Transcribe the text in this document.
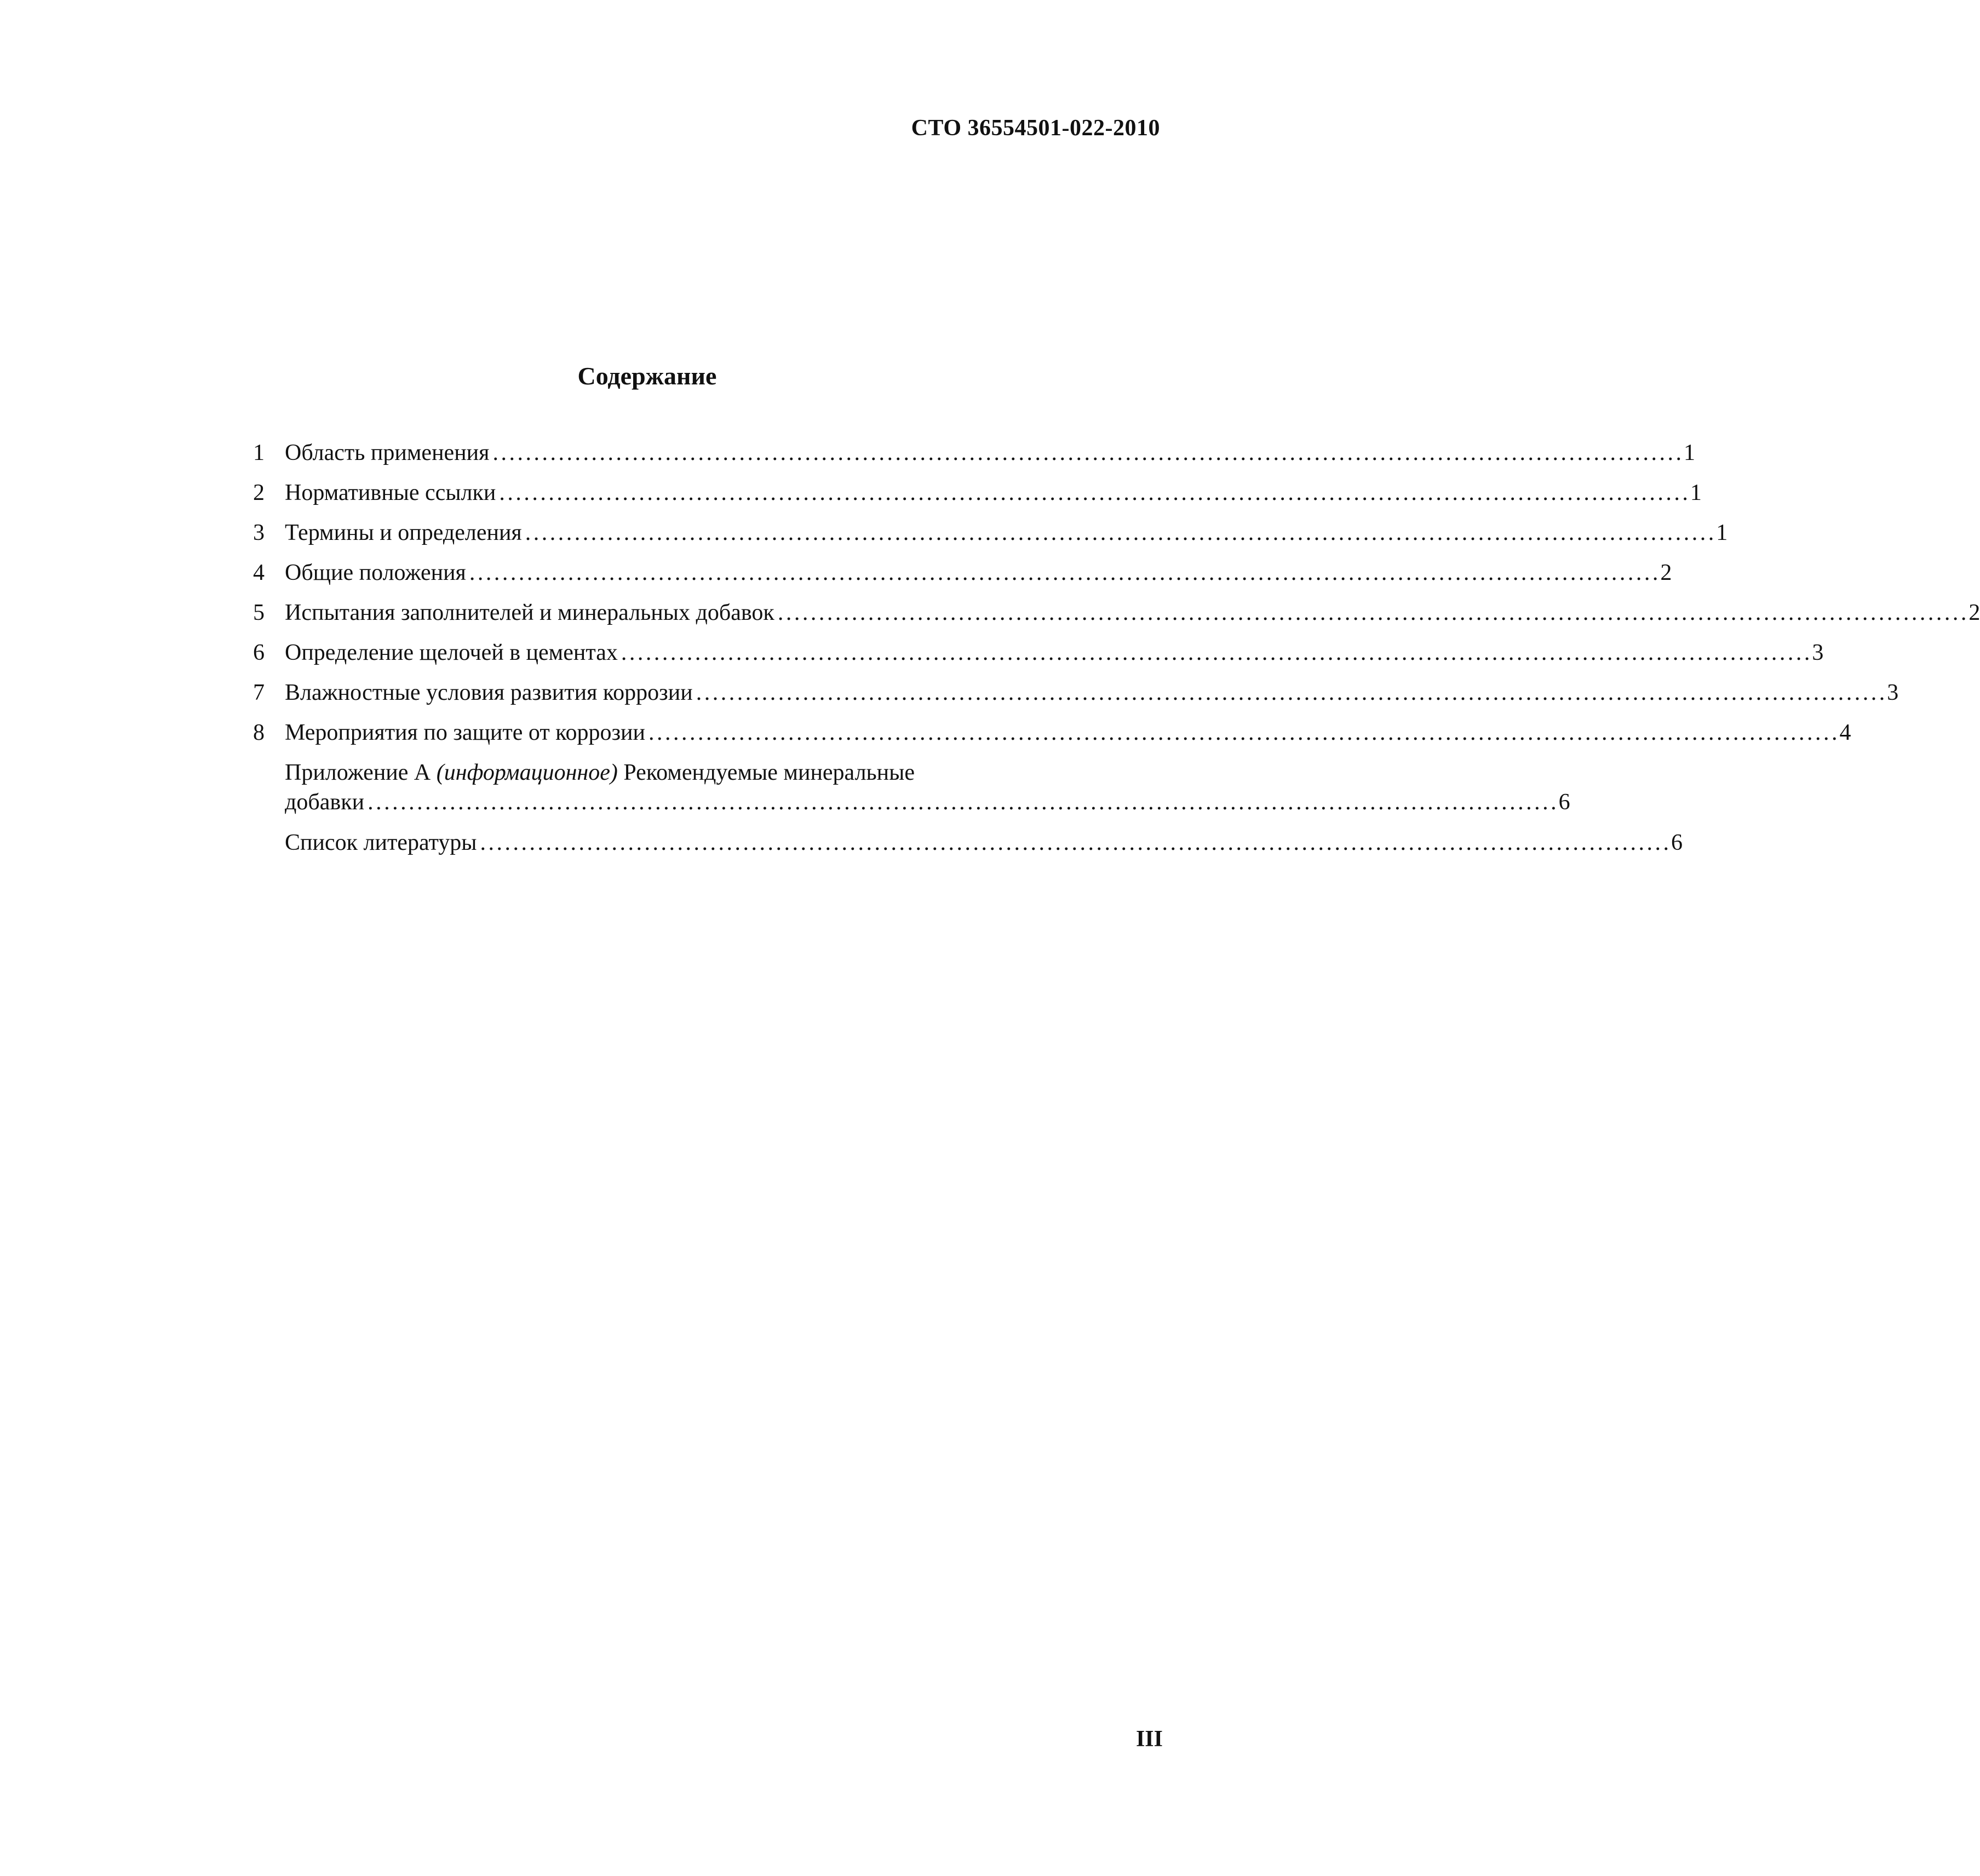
СТО 36554501-022-2010
Содержание
1 Область применения . . .	1
2 Нормативные ссылки . . .	1
3 Термины и определения . . .	1
4 Общие положения . . .	2
5 Испытания заполнителей и минеральных добавок . . .	2
6 Определение щелочей в цементах . . .	3
7 Влажностные условия развития коррозии . . .	3
8 Мероприятия по защите от коррозии . . .	4
Приложение А (информационное) Рекомендуемые минеральные
добавки . . .	6
Список литературы . . .	6
III
